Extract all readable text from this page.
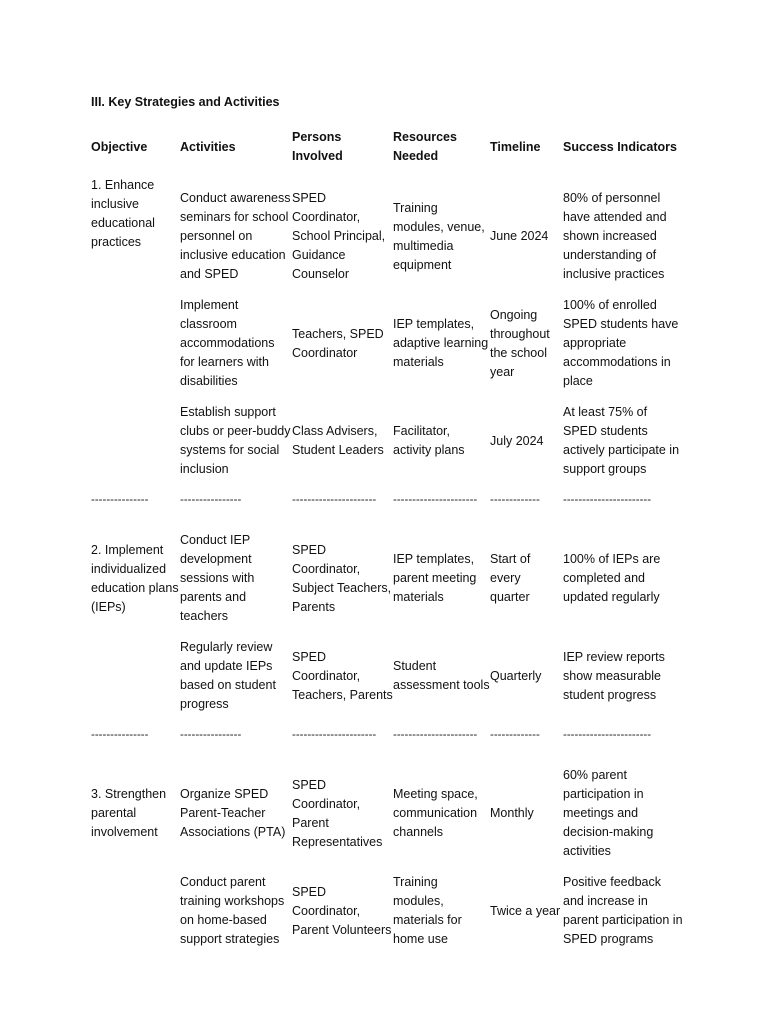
III. Key Strategies and Activities
Objective	Activities	Persons Involved	Resources Needed	Timeline	Success Indicators
1. Enhance inclusive educational practices	Conduct awareness seminars for school personnel on inclusive education and SPED	SPED Coordinator, School Principal, Guidance Counselor	Training modules, venue, multimedia equipment	June 2024	80% of personnel have attended and shown increased understanding of inclusive practices
	Implement classroom accommodations for learners with disabilities	Teachers, SPED Coordinator	IEP templates, adaptive learning materials	Ongoing throughout the school year	100% of enrolled SPED students have appropriate accommodations in place
	Establish support clubs or peer-buddy systems for social inclusion	Class Advisers, Student Leaders	Facilitator, activity plans	July 2024	At least 75% of SPED students actively participate in support groups
---------------	----------------	----------------------	----------------------	-------------	-----------------------
2. Implement individualized education plans (IEPs)	Conduct IEP development sessions with parents and teachers	SPED Coordinator, Subject Teachers, Parents	IEP templates, parent meeting materials	Start of every quarter	100% of IEPs are completed and updated regularly
	Regularly review and update IEPs based on student progress	SPED Coordinator, Teachers, Parents	Student assessment tools	Quarterly	IEP review reports show measurable student progress
---------------	----------------	----------------------	----------------------	-------------	-----------------------
3. Strengthen parental involvement	Organize SPED Parent-Teacher Associations (PTA)	SPED Coordinator, Parent Representatives	Meeting space, communication channels	Monthly	60% parent participation in meetings and decision-making activities
	Conduct parent training workshops on home-based support strategies	SPED Coordinator, Parent Volunteers	Training modules, materials for home use	Twice a year	Positive feedback and increase in parent participation in SPED programs
